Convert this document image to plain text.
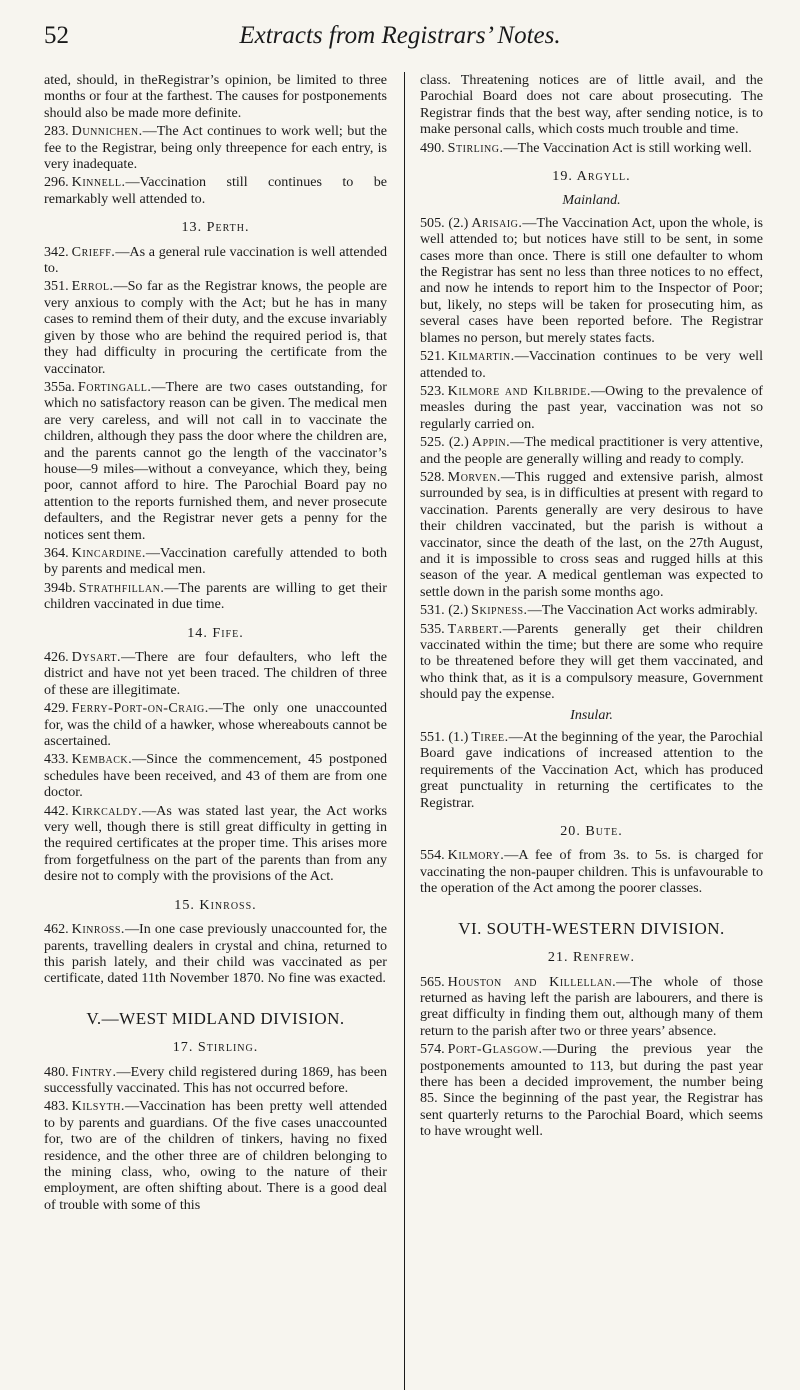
52	Extracts from Registrars’ Notes.

ated, should, in theRegistrar’s opinion, be limited to three months or four at the farthest. The causes for postponements should also be made more definite.

283. Dunnichen.—The Act continues to work well; but the fee to the Registrar, being only threepence for each entry, is very inadequate.

296. Kinnell.—Vaccination still continues to be remarkably well attended to.

13. Perth.

342. Crieff.—As a general rule vaccination is well attended to.

351. Errol.—So far as the Registrar knows, the people are very anxious to comply with the Act; but he has in many cases to remind them of their duty, and the excuse invariably given by those who are behind the required period is, that they had difficulty in procuring the certificate from the vaccinator.

355a. Fortingall.—There are two cases outstanding, for which no satisfactory reason can be given. The medical men are very careless, and will not call in to vaccinate the children, although they pass the door where the children are, and the parents cannot go the length of the vaccinator’s house—9 miles—without a conveyance, which they, being poor, cannot afford to hire. The Parochial Board pay no attention to the reports furnished them, and never prosecute defaulters, and the Registrar never gets a penny for the notices sent them.

364. Kincardine.—Vaccination carefully attended to both by parents and medical men.

394b. Strathfillan.—The parents are willing to get their children vaccinated in due time.

14. Fife.

426. Dysart.—There are four defaulters, who left the district and have not yet been traced. The children of three of these are illegitimate.

429. Ferry-Port-on-Craig.—The only one unaccounted for, was the child of a hawker, whose whereabouts cannot be ascertained.

433. Kemback.—Since the commencement, 45 postponed schedules have been received, and 43 of them are from one doctor.

442. Kirkcaldy.—As was stated last year, the Act works very well, though there is still great difficulty in getting in the required certificates at the proper time. This arises more from forgetfulness on the part of the parents than from any desire not to comply with the provisions of the Act.

15. Kinross.

462. Kinross.—In one case previously unaccounted for, the parents, travelling dealers in crystal and china, returned to this parish lately, and their child was vaccinated as per certificate, dated 11th November 1870. No fine was exacted.

V.—WEST MIDLAND DIVISION.
17. Stirling.

480. Fintry.—Every child registered during 1869, has been successfully vaccinated. This has not occurred before.

483. Kilsyth.—Vaccination has been pretty well attended to by parents and guardians. Of the five cases unaccounted for, two are of the children of tinkers, having no fixed residence, and the other three are of children belonging to the mining class, who, owing to the nature of their employment, are often shifting about. There is a good deal of trouble with some of this

class. Threatening notices are of little avail, and the Parochial Board does not care about prosecuting. The Registrar finds that the best way, after sending notice, is to make personal calls, which costs much trouble and time.

490. Stirling.—The Vaccination Act is still working well.

19. Argyll.
Mainland.

505. (2.) Arisaig.—The Vaccination Act, upon the whole, is well attended to; but notices have still to be sent, in some cases more than once. There is still one defaulter to whom the Registrar has sent no less than three notices to no effect, and now he intends to report him to the Inspector of Poor; but, likely, no steps will be taken for prosecuting him, as several cases have been reported before. The Registrar blames no person, but merely states facts.

521. Kilmartin.—Vaccination continues to be very well attended to.

523. Kilmore and Kilbride.—Owing to the prevalence of measles during the past year, vaccination was not so regularly carried on.

525. (2.) Appin.—The medical practitioner is very attentive, and the people are generally willing and ready to comply.

528. Morven.—This rugged and extensive parish, almost surrounded by sea, is in difficulties at present with regard to vaccination. Parents generally are very desirous to have their children vaccinated, but the parish is without a vaccinator, since the death of the last, on the 27th August, and it is impossible to cross seas and rugged hills at this season of the year. A medical gentleman was expected to settle down in the parish some months ago.

531. (2.) Skipness.—The Vaccination Act works admirably.

535. Tarbert.—Parents generally get their children vaccinated within the time; but there are some who require to be threatened before they will get them vaccinated, and who think that, as it is a compulsory measure, Government should pay the expense.

Insular.

551. (1.) Tiree.—At the beginning of the year, the Parochial Board gave indications of increased attention to the requirements of the Vaccination Act, which has produced great punctuality in returning the certificates to the Registrar.

20. Bute.

554. Kilmory.—A fee of from 3s. to 5s. is charged for vaccinating the non-pauper children. This is unfavourable to the operation of the Act among the poorer classes.

VI. SOUTH-WESTERN DIVISION.
21. Renfrew.

565. Houston and Killellan.—The whole of those returned as having left the parish are labourers, and there is great difficulty in finding them out, although many of them return to the parish after two or three years’ absence.

574. Port-Glasgow.—During the previous year the postponements amounted to 113, but during the past year there has been a decided improvement, the number being 85. Since the beginning of the past year, the Registrar has sent quarterly returns to the Parochial Board, which seems to have wrought well.
